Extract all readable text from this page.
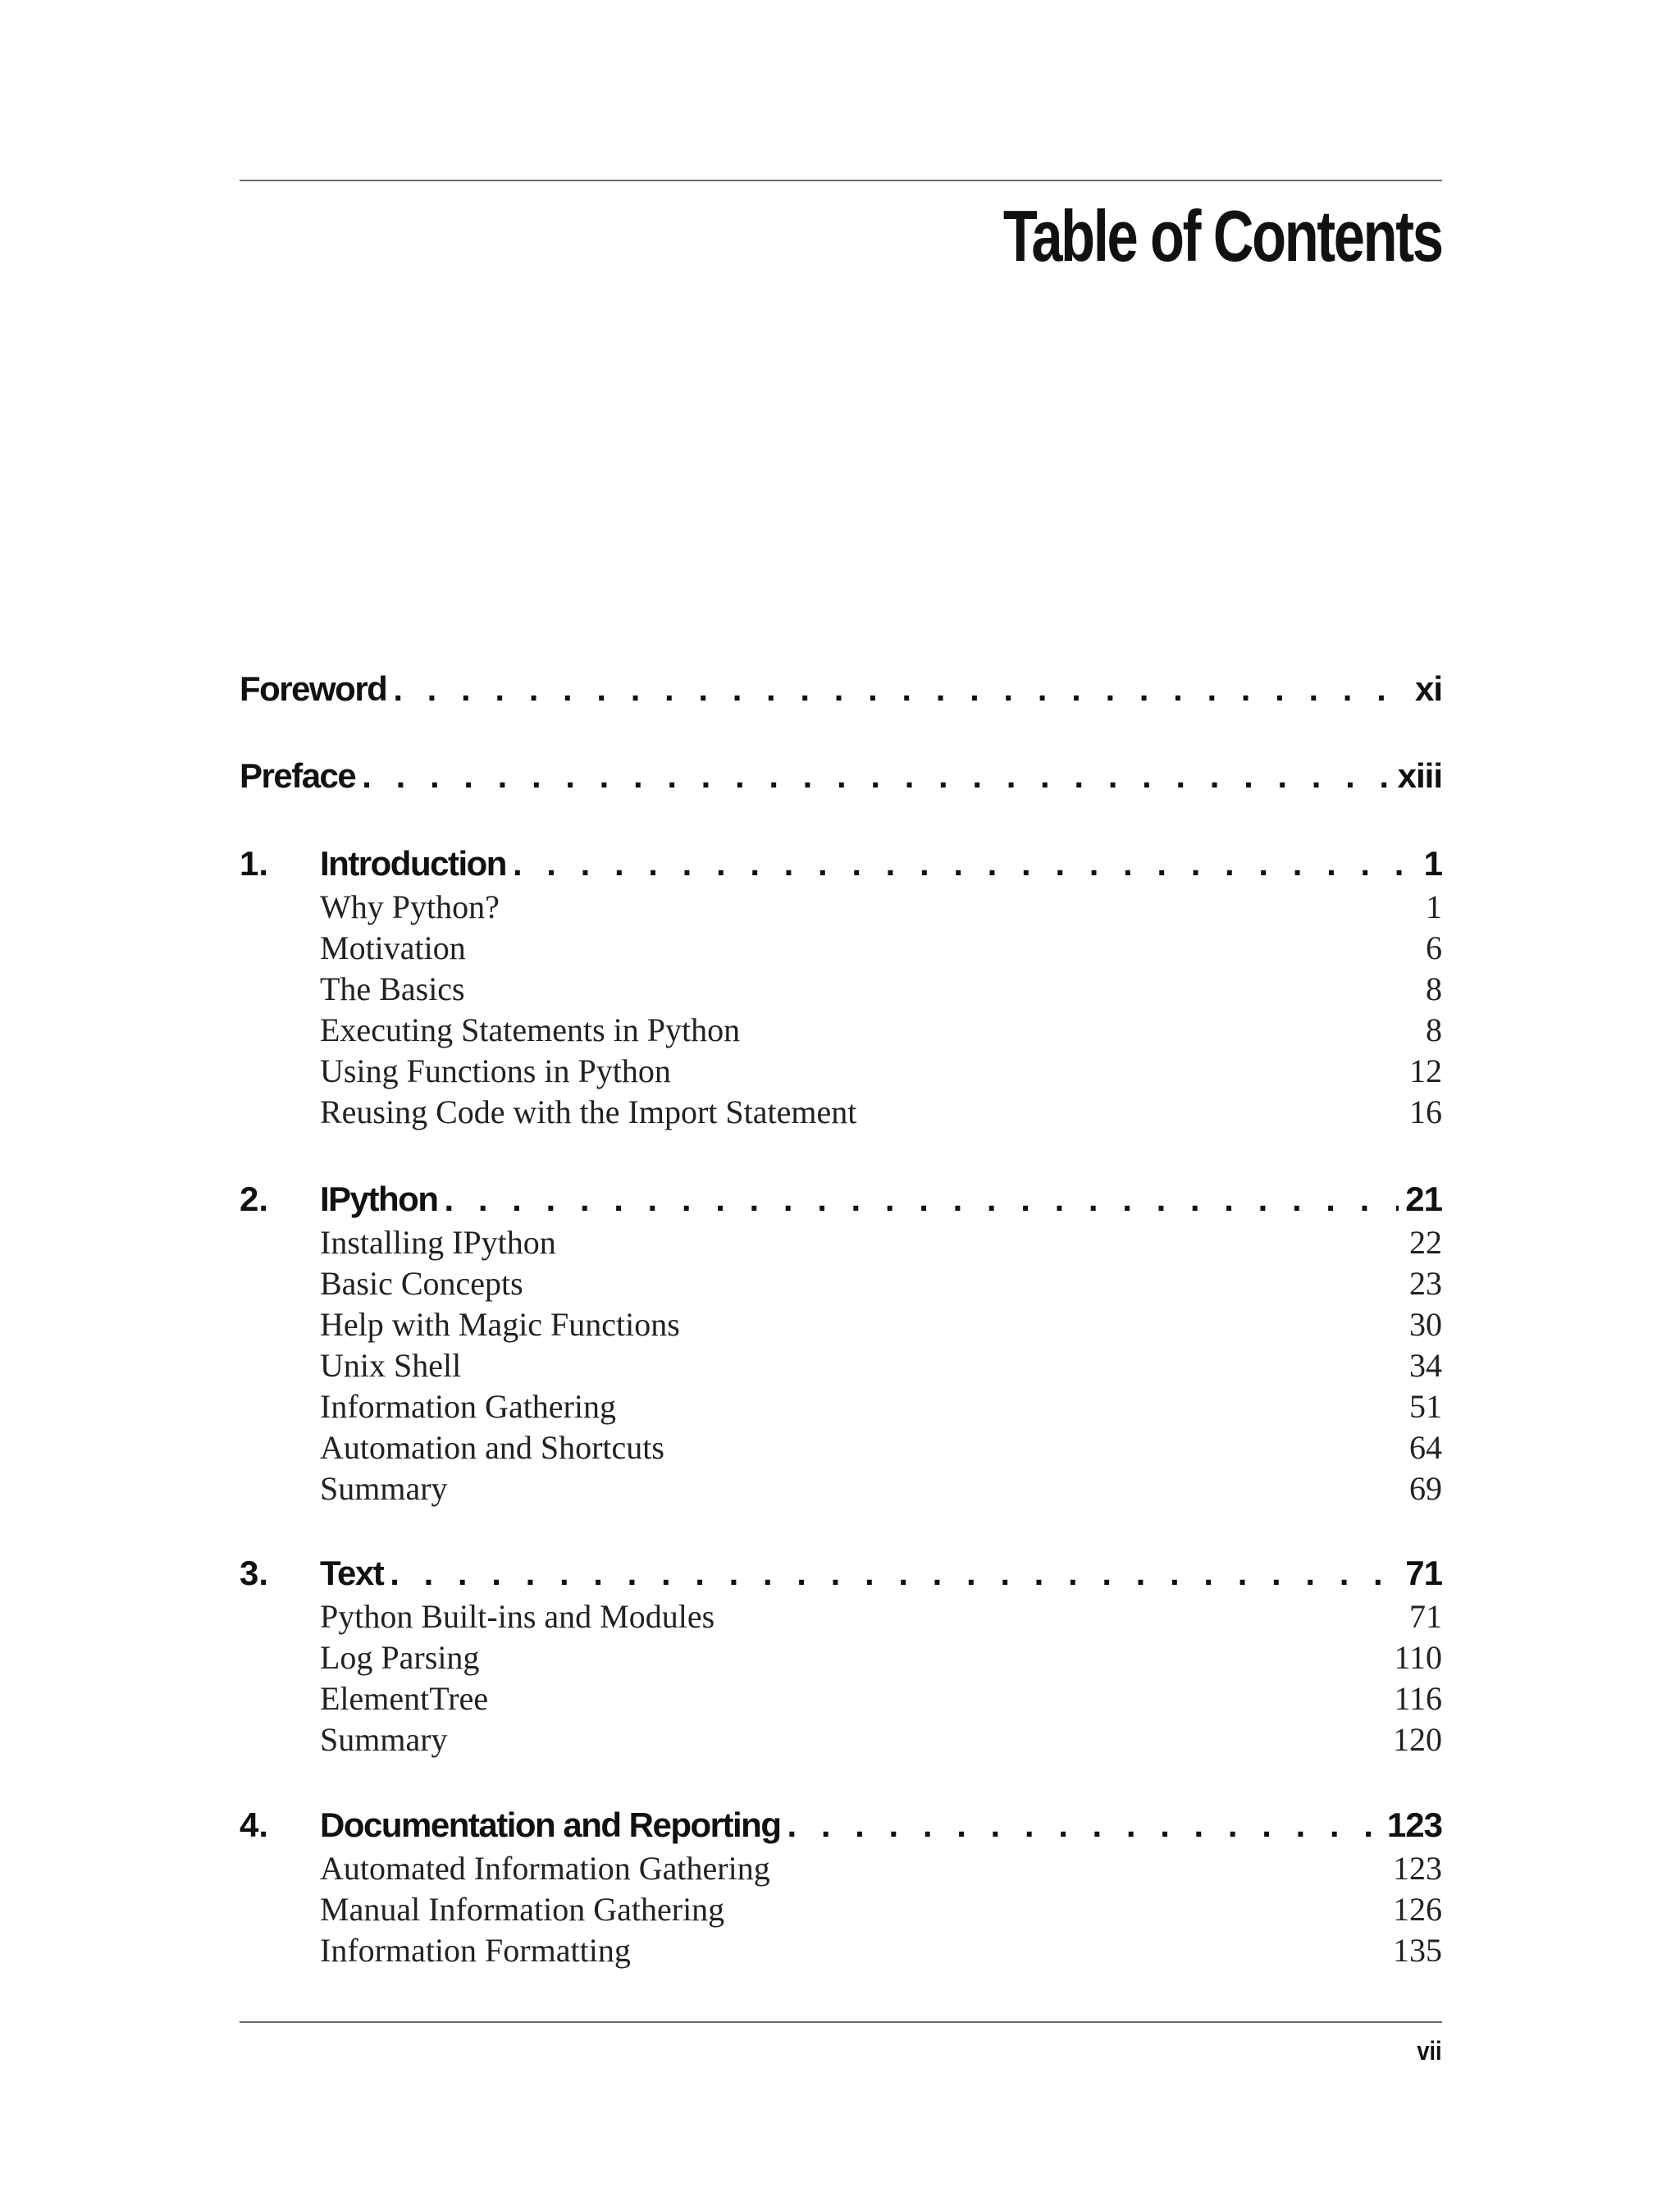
Table of Contents
Foreword . . .	xi
Preface . . .	xiii
1.	Introduction . . .	1
Why Python?	1
Motivation	6
The Basics	8
Executing Statements in Python	8
Using Functions in Python	12
Reusing Code with the Import Statement	16
2.	IPython . . .	21
Installing IPython	22
Basic Concepts	23
Help with Magic Functions	30
Unix Shell	34
Information Gathering	51
Automation and Shortcuts	64
Summary	69
3.	Text . . .	71
Python Built-ins and Modules	71
Log Parsing	110
ElementTree	116
Summary	120
4.	Documentation and Reporting . . .	123
Automated Information Gathering	123
Manual Information Gathering	126
Information Formatting	135
vii
